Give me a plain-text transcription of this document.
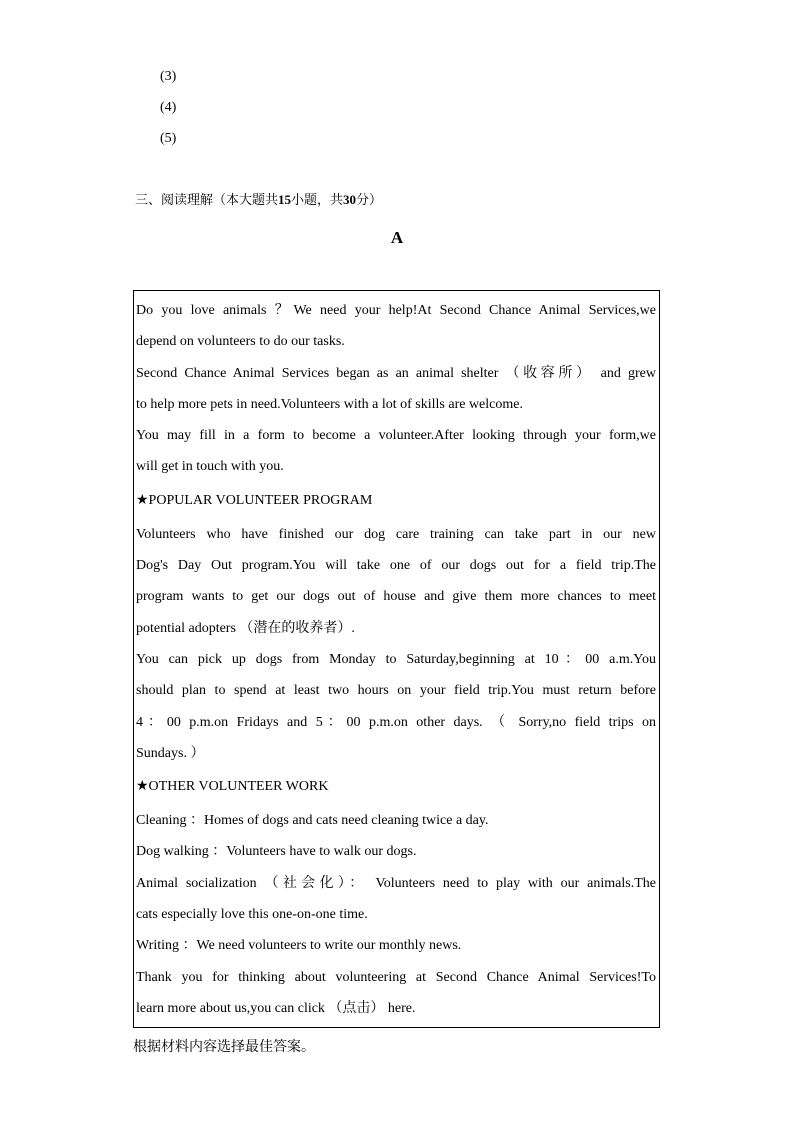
(3)
(4)
(5)
三、阅读理解（本大题共15小题，共30分）
A
Do you love animals ？We need your help!At Second Chance Animal Services,we
depend on volunteers to do our tasks.
Second Chance Animal Services began as an animal shelter （收容所） and grew
to help more pets in need.Volunteers with a lot of skills are welcome.
You may fill in a form to become a volunteer.After looking through your form,we
will get in touch with you.
★POPULAR VOLUNTEER PROGRAM
Volunteers who have finished our dog care training can take part in our new
Dog's Day Out program.You will take one of our dogs out for a field trip.The
program wants to get our dogs out of house and give them more chances to meet
potential adopters （潜在的收养者）.
You can pick up dogs from Monday to Saturday,beginning at 10：00 a.m.You
should plan to spend at least two hours on your field trip.You must return before
4：00 p.m.on Fridays and 5：00 p.m.on other days. （ Sorry,no field trips on
Sundays. ）
★OTHER VOLUNTEER WORK
Cleaning ：Homes of dogs and cats need cleaning twice a day.
Dog walking ：Volunteers have to walk our dogs.
Animal socialization （社会化）： Volunteers need to play with our animals.The
cats especially love this one-on-one time.
Writing ：We need volunteers to write our monthly news.
Thank you for thinking about volunteering at Second Chance Animal Services!To
learn more about us,you can click （点击） here.
根据材料内容选择最佳答案。
